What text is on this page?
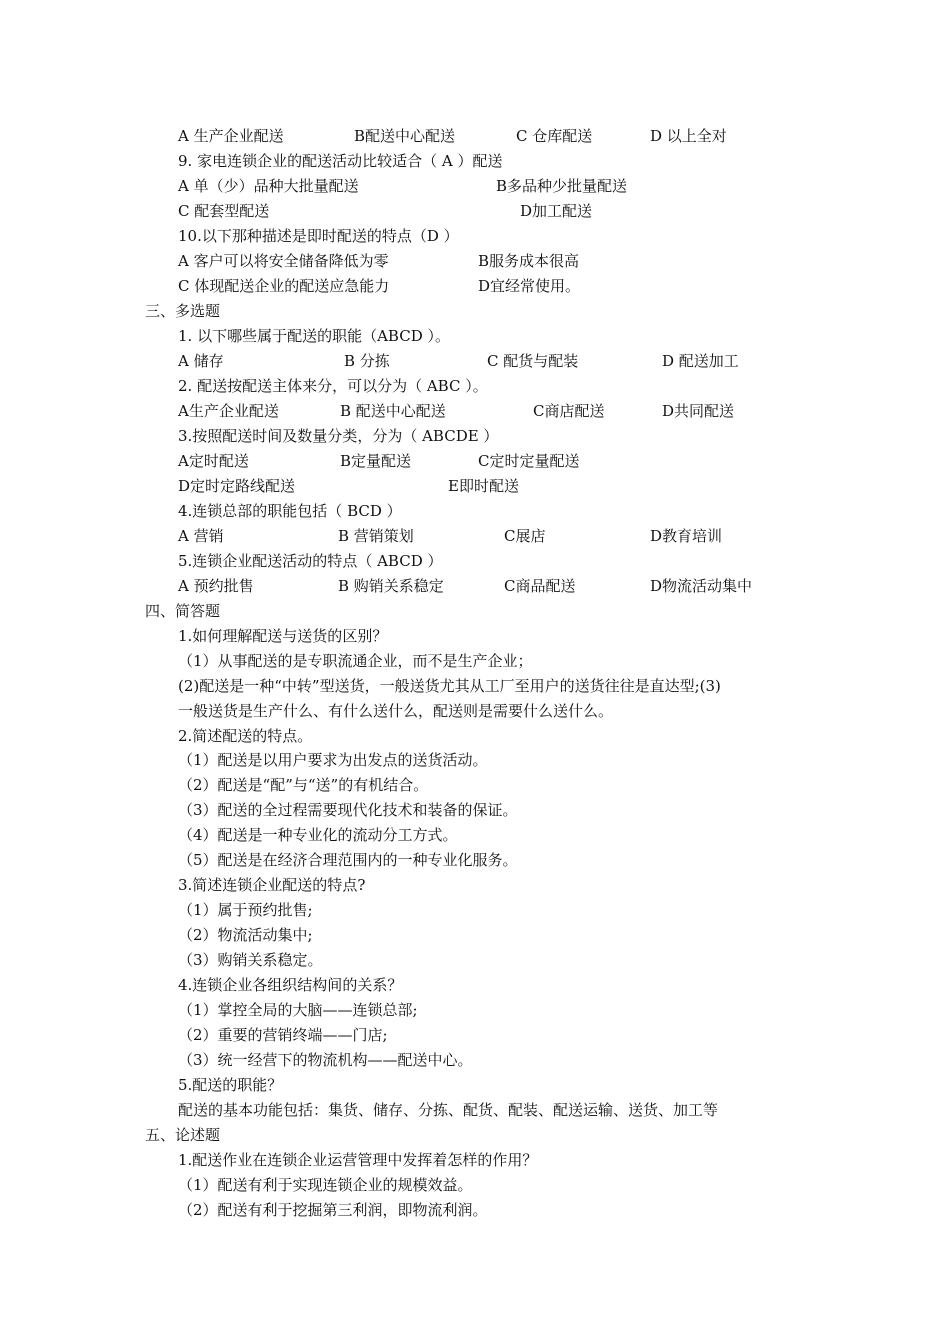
A 生产企业配送	B配送中心配送	C 仓库配送	D 以上全对
9. 家电连锁企业的配送活动比较适合（ A ）配送
A 单（少）品种大批量配送	B多品种少批量配送
C 配套型配送	D加工配送
10.以下那种描述是即时配送的特点（D ）
A 客户可以将安全储备降低为零	B服务成本很高
C 体现配送企业的配送应急能力	D宜经常使用。
三、多选题
1. 以下哪些属于配送的职能（ABCD ）。
A 储存	B 分拣	C 配货与配装	D 配送加工
2. 配送按配送主体来分，可以分为（ ABC ）。
A生产企业配送	B 配送中心配送	C商店配送	D共同配送
3.按照配送时间及数量分类，分为（ ABCDE ）
A定时配送	B定量配送	C定时定量配送
D定时定路线配送	E即时配送
4.连锁总部的职能包括（ BCD ）
A 营销	B 营销策划	C展店	D教育培训
5.连锁企业配送活动的特点（ ABCD ）
A 预约批售	B 购销关系稳定	C商品配送	D物流活动集中
四、简答题
1.如何理解配送与送货的区别？
（1）从事配送的是专职流通企业，而不是生产企业；
(2)配送是一种“中转”型送货，一般送货尤其从工厂至用户的送货往往是直达型;(3)
一般送货是生产什么、有什么送什么，配送则是需要什么送什么。
2.简述配送的特点。
（1）配送是以用户要求为出发点的送货活动。
（2）配送是“配”与“送”的有机结合。
（3）配送的全过程需要现代化技术和装备的保证。
（4）配送是一种专业化的流动分工方式。
（5）配送是在经济合理范围内的一种专业化服务。
3.简述连锁企业配送的特点?
（1）属于预约批售;
（2）物流活动集中;
（3）购销关系稳定。
4.连锁企业各组织结构间的关系？
（1）掌控全局的大脑——连锁总部;
（2）重要的营销终端——门店;
（3）统一经营下的物流机构——配送中心。
5.配送的职能？
配送的基本功能包括：集货、储存、分拣、配货、配装、配送运输、送货、加工等
五、论述题
1.配送作业在连锁企业运营管理中发挥着怎样的作用？
（1）配送有利于实现连锁企业的规模效益。
（2）配送有利于挖掘第三利润，即物流利润。
